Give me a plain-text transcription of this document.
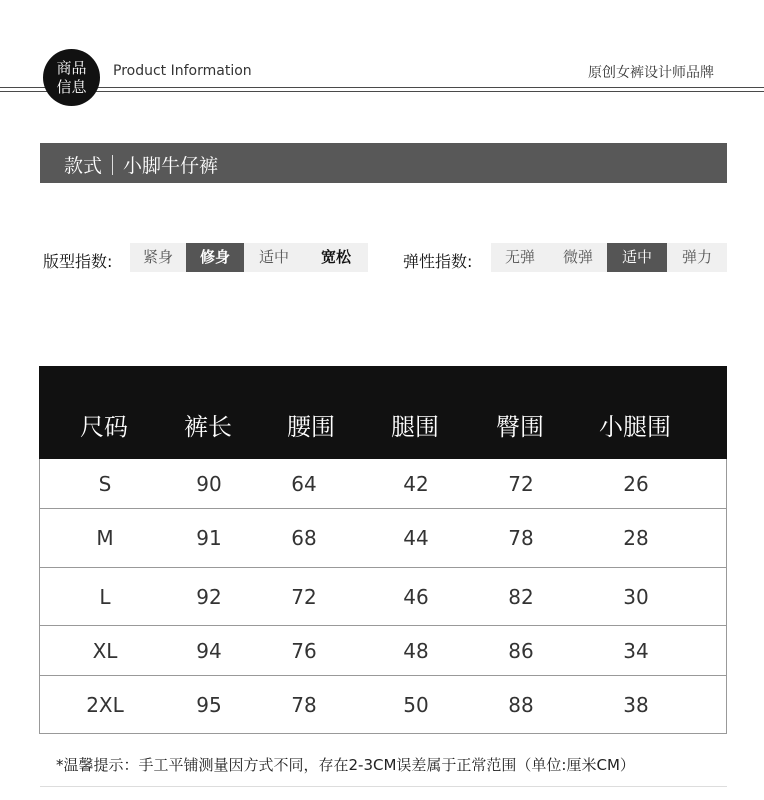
商品
信息
Product Information	原创女裤设计师品牌
款式 小脚牛仔裤
版型指数:	紧身	修身	适中	宽松	弹性指数:	无弹	微弹	适中	弹力
尺码 裤长 腰围 腿围 臀围 小腿围
S	90	64	42	72	26
M	91	68	44	78	28
L	92	72	46	82	30
XL	94	76	48	86	34
2XL	95	78	50	88	38
*温馨提示：手工平铺测量因方式不同，存在2-3CM误差属于正常范围（单位:厘米CM）
